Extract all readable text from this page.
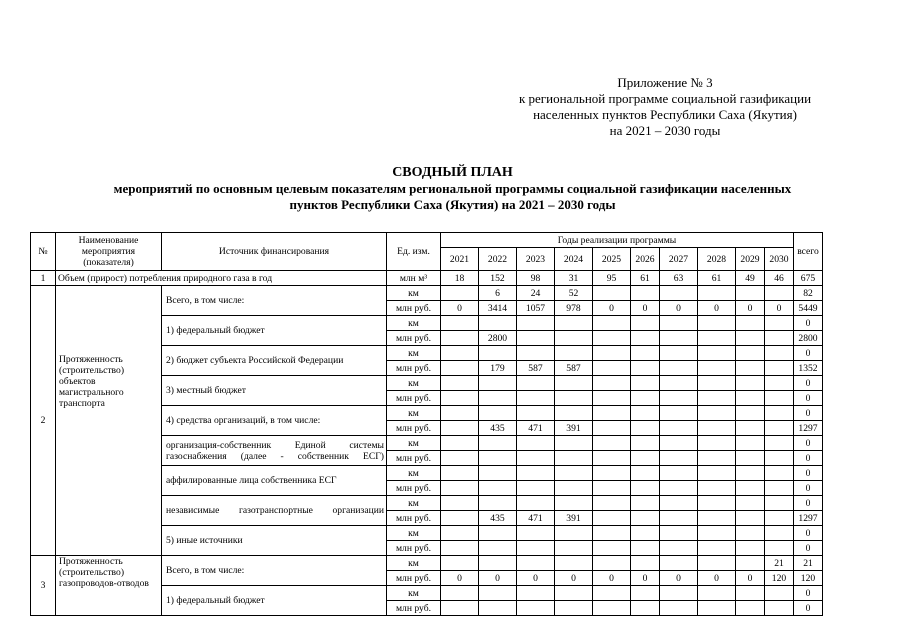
Приложение № 3
к региональной программе социальной газификации
населенных пунктов Республики Саха (Якутия)
на 2021 – 2030 годы
СВОДНЫЙ ПЛАН
мероприятий по основным целевым показателям региональной программы социальной газификации населенных
пунктов Республики Саха (Якутия) на 2021 – 2030 годы
№	Наименование мероприятия (показателя)	Источник финансирования	Ед. изм.	Годы реализации программы										всего
				2021	2022	2023	2024	2025	2026	2027	2028	2029	2030	
1	Объем (прирост) потребления природного газа в год		млн м³	18	152	98	31	95	61	63	61	49	46	675
2	Протяженность (строительство) объектов магистрального транспорта	Всего, в том числе:	км		6	24	52							82
			млн руб.	0	3414	1057	978	0	0	0	0	0	0	5449
		1) федеральный бюджет	км											0
			млн руб.		2800									2800
		2) бюджет субъекта Российской Федерации	км											0
			млн руб.		179	587	587							1352
		3) местный бюджет	км											0
			млн руб.											0
		4) средства организаций, в том числе:	км											0
			млн руб.		435	471	391							1297
		организация-собственник Единой системы газоснабжения (далее - собственник ЕСГ)	км											0
			млн руб.											0
		аффилированные лица собственника ЕСГ	км											0
			млн руб.											0
		независимые газотранспортные организации	км											0
			млн руб.		435	471	391							1297
		5) иные источники	км											0
			млн руб.											0
3	Протяженность (строительство) газопроводов-отводов	Всего, в том числе:	км										21	21
			млн руб.	0	0	0	0	0	0	0	0	0	120	120
		1) федеральный бюджет	км											0
			млн руб.											0
